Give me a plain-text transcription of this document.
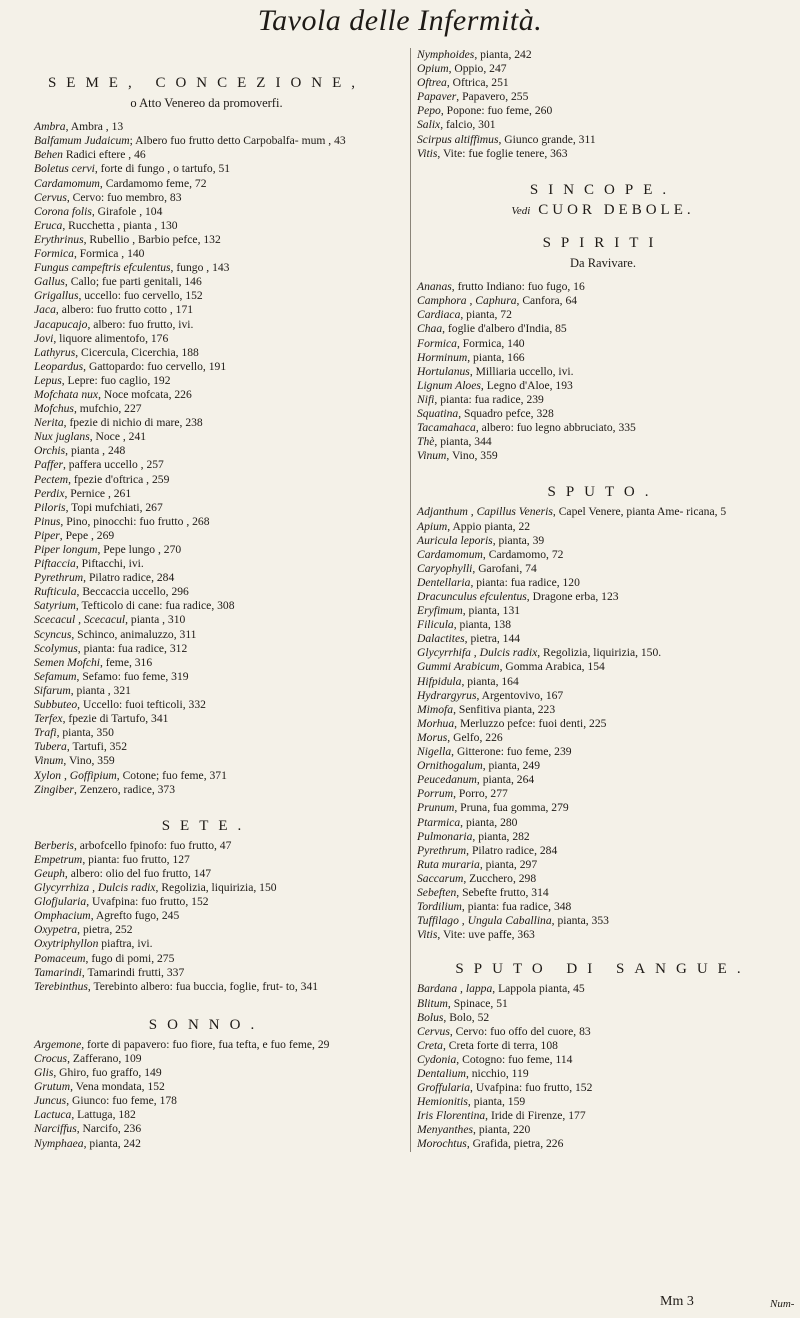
Tavola delle Infermità.
SEME, CONCEZIONE,
o Atto Venereo da promoverfi.

Ambra, Ambra , 13

Balfamum Judaicum; Albero fuo frutto detto Carpobalfa- mum , 43

Behen Radici eftere , 46

Boletus cervi, forte di fungo , o tartufo, 51

Cardamomum, Cardamomo feme, 72

Cervus, Cervo: fuo membro, 83

Corona folis, Girafole , 104

Eruca, Rucchetta , pianta , 130

Erythrinus, Rubellio , Barbio pefce, 132

Formica, Formica , 140

Fungus campeftris efculentus, fungo , 143

Gallus, Callo; fue parti genitali, 146

Grigallus, uccello: fuo cervello, 152

Jaca, albero: fuo frutto cotto , 171

Jacapucajo, albero: fuo frutto, ivi.

Jovi, liquore alimentofo, 176

Lathyrus, Cicercula, Cicerchia, 188

Leopardus, Gattopardo: fuo cervello, 191

Lepus, Lepre: fuo caglio, 192

Mofchata nux, Noce mofcata, 226

Mofchus, mufchio, 227

Nerita, fpezie di nichio di mare, 238

Nux juglans, Noce , 241

Orchis, pianta , 248

Paffer, paffera uccello , 257

Pectem, fpezie d'oftrica , 259

Perdix, Pernice , 261

Piloris, Topi mufchiati, 267

Pinus, Pino, pinocchi: fuo frutto , 268

Piper, Pepe , 269

Piper longum, Pepe lungo , 270

Piftaccia, Piftacchi, ivi.

Pyrethrum, Pilatro radice, 284

Rufticula, Beccaccia uccello, 296

Satyrium, Tefticolo di cane: fua radice, 308

Scecacul , Scecacul, pianta , 310

Scyncus, Schinco, animaluzzo, 311

Scolymus, pianta: fua radice, 312

Semen Mofchi, feme, 316

Sefamum, Sefamo: fuo feme, 319

Sifarum, pianta , 321

Subbuteo, Uccello: fuoi tefticoli, 332

Terfex, fpezie di Tartufo, 341

Trafi, pianta, 350

Tubera, Tartufi, 352

Vinum, Vino, 359

Xylon , Goffipium, Cotone; fuo feme, 371

Zingiber, Zenzero, radice, 373

SETE.

Berberis, arbofcello fpinofo: fuo frutto, 47

Empetrum, pianta: fuo frutto, 127

Geuph, albero: olio del fuo frutto, 147

Glycyrrhiza , Dulcis radix, Regolizia, liquirizia, 150

Glofjularia, Uvafpina: fuo frutto, 152

Omphacium, Agrefto fugo, 245

Oxypetra, pietra, 252

Oxytriphyllon piaftra, ivi.

Pomaceum, fugo di pomi, 275

Tamarindi, Tamarindi frutti, 337

Terebinthus, Terebinto albero: fua buccia, foglie, frut- to, 341

SONNO.

Argemone, forte di papavero: fuo fiore, fua tefta, e fuo feme, 29

Crocus, Zafferano, 109

Glis, Ghiro, fuo graffo, 149

Grutum, Vena mondata, 152

Juncus, Giunco: fuo feme, 178

Lactuca, Lattuga, 182

Narciffus, Narcifo, 236

Nymphaea, pianta, 242

Nymphoides, pianta, 242

Opium, Oppio, 247

Oftrea, Oftrica, 251

Papaver, Papavero, 255

Pepo, Popone: fuo feme, 260

Salix, falcio, 301

Scirpus altiffimus, Giunco grande, 311

Vitis, Vite: fue foglie tenere, 363

SINCOPE.
Vedi CUOR DEBOLE.
SPIRITI
Da Ravivare.

Ananas, frutto Indiano: fuo fugo, 16

Camphora , Caphura, Canfora, 64

Cardiaca, pianta, 72

Chaa, foglie d'albero d'India, 85

Formica, Formica, 140

Horminum, pianta, 166

Hortulanus, Milliaria uccello, ivi.

Lignum Aloes, Legno d'Aloe, 193

Nifi, pianta: fua radice, 239

Squatina, Squadro pefce, 328

Tacamahaca, albero: fuo legno abbruciato, 335

Thè, pianta, 344

Vinum, Vino, 359

SPUTO.

Adjanthum , Capillus Veneris, Capel Venere, pianta Ame- ricana, 5

Apium, Appio pianta, 22

Auricula leporis, pianta, 39

Cardamomum, Cardamomo, 72

Caryophylli, Garofani, 74

Dentellaria, pianta: fua radice, 120

Dracunculus efculentus, Dragone erba, 123

Eryfimum, pianta, 131

Filicula, pianta, 138

Dalactites, pietra, 144

Glycyrrhifa , Dulcis radix, Regolizia, liquirizia, 150.

Gummi Arabicum, Gomma Arabica, 154

Hifpidula, pianta, 164

Hydrargyrus, Argentovivo, 167

Mimofa, Senfitiva pianta, 223

Morhua, Merluzzo pefce: fuoi denti, 225

Morus, Gelfo, 226

Nigella, Gitterone: fuo feme, 239

Ornithogalum, pianta, 249

Peucedanum, pianta, 264

Porrum, Porro, 277

Prunum, Pruna, fua gomma, 279

Ptarmica, pianta, 280

Pulmonaria, pianta, 282

Pyrethrum, Pilatro radice, 284

Ruta muraria, pianta, 297

Saccarum, Zucchero, 298

Sebeften, Sebefte frutto, 314

Tordilium, pianta: fua radice, 348

Tuffilago , Ungula Caballina, pianta, 353

Vitis, Vite: uve paffe, 363

SPUTO DI SANGUE.

Bardana , lappa, Lappola pianta, 45

Blitum, Spinace, 51

Bolus, Bolo, 52

Cervus, Cervo: fuo offo del cuore, 83

Creta, Creta forte di terra, 108

Cydonia, Cotogno: fuo feme, 114

Dentalium, nicchio, 119

Groffularia, Uvafpina: fuo frutto, 152

Hemionitis, pianta, 159

Iris Florentina, Iride di Firenze, 177

Menyanthes, pianta, 220

Morochtus, Grafida, pietra, 226

Mm 3	Num-
